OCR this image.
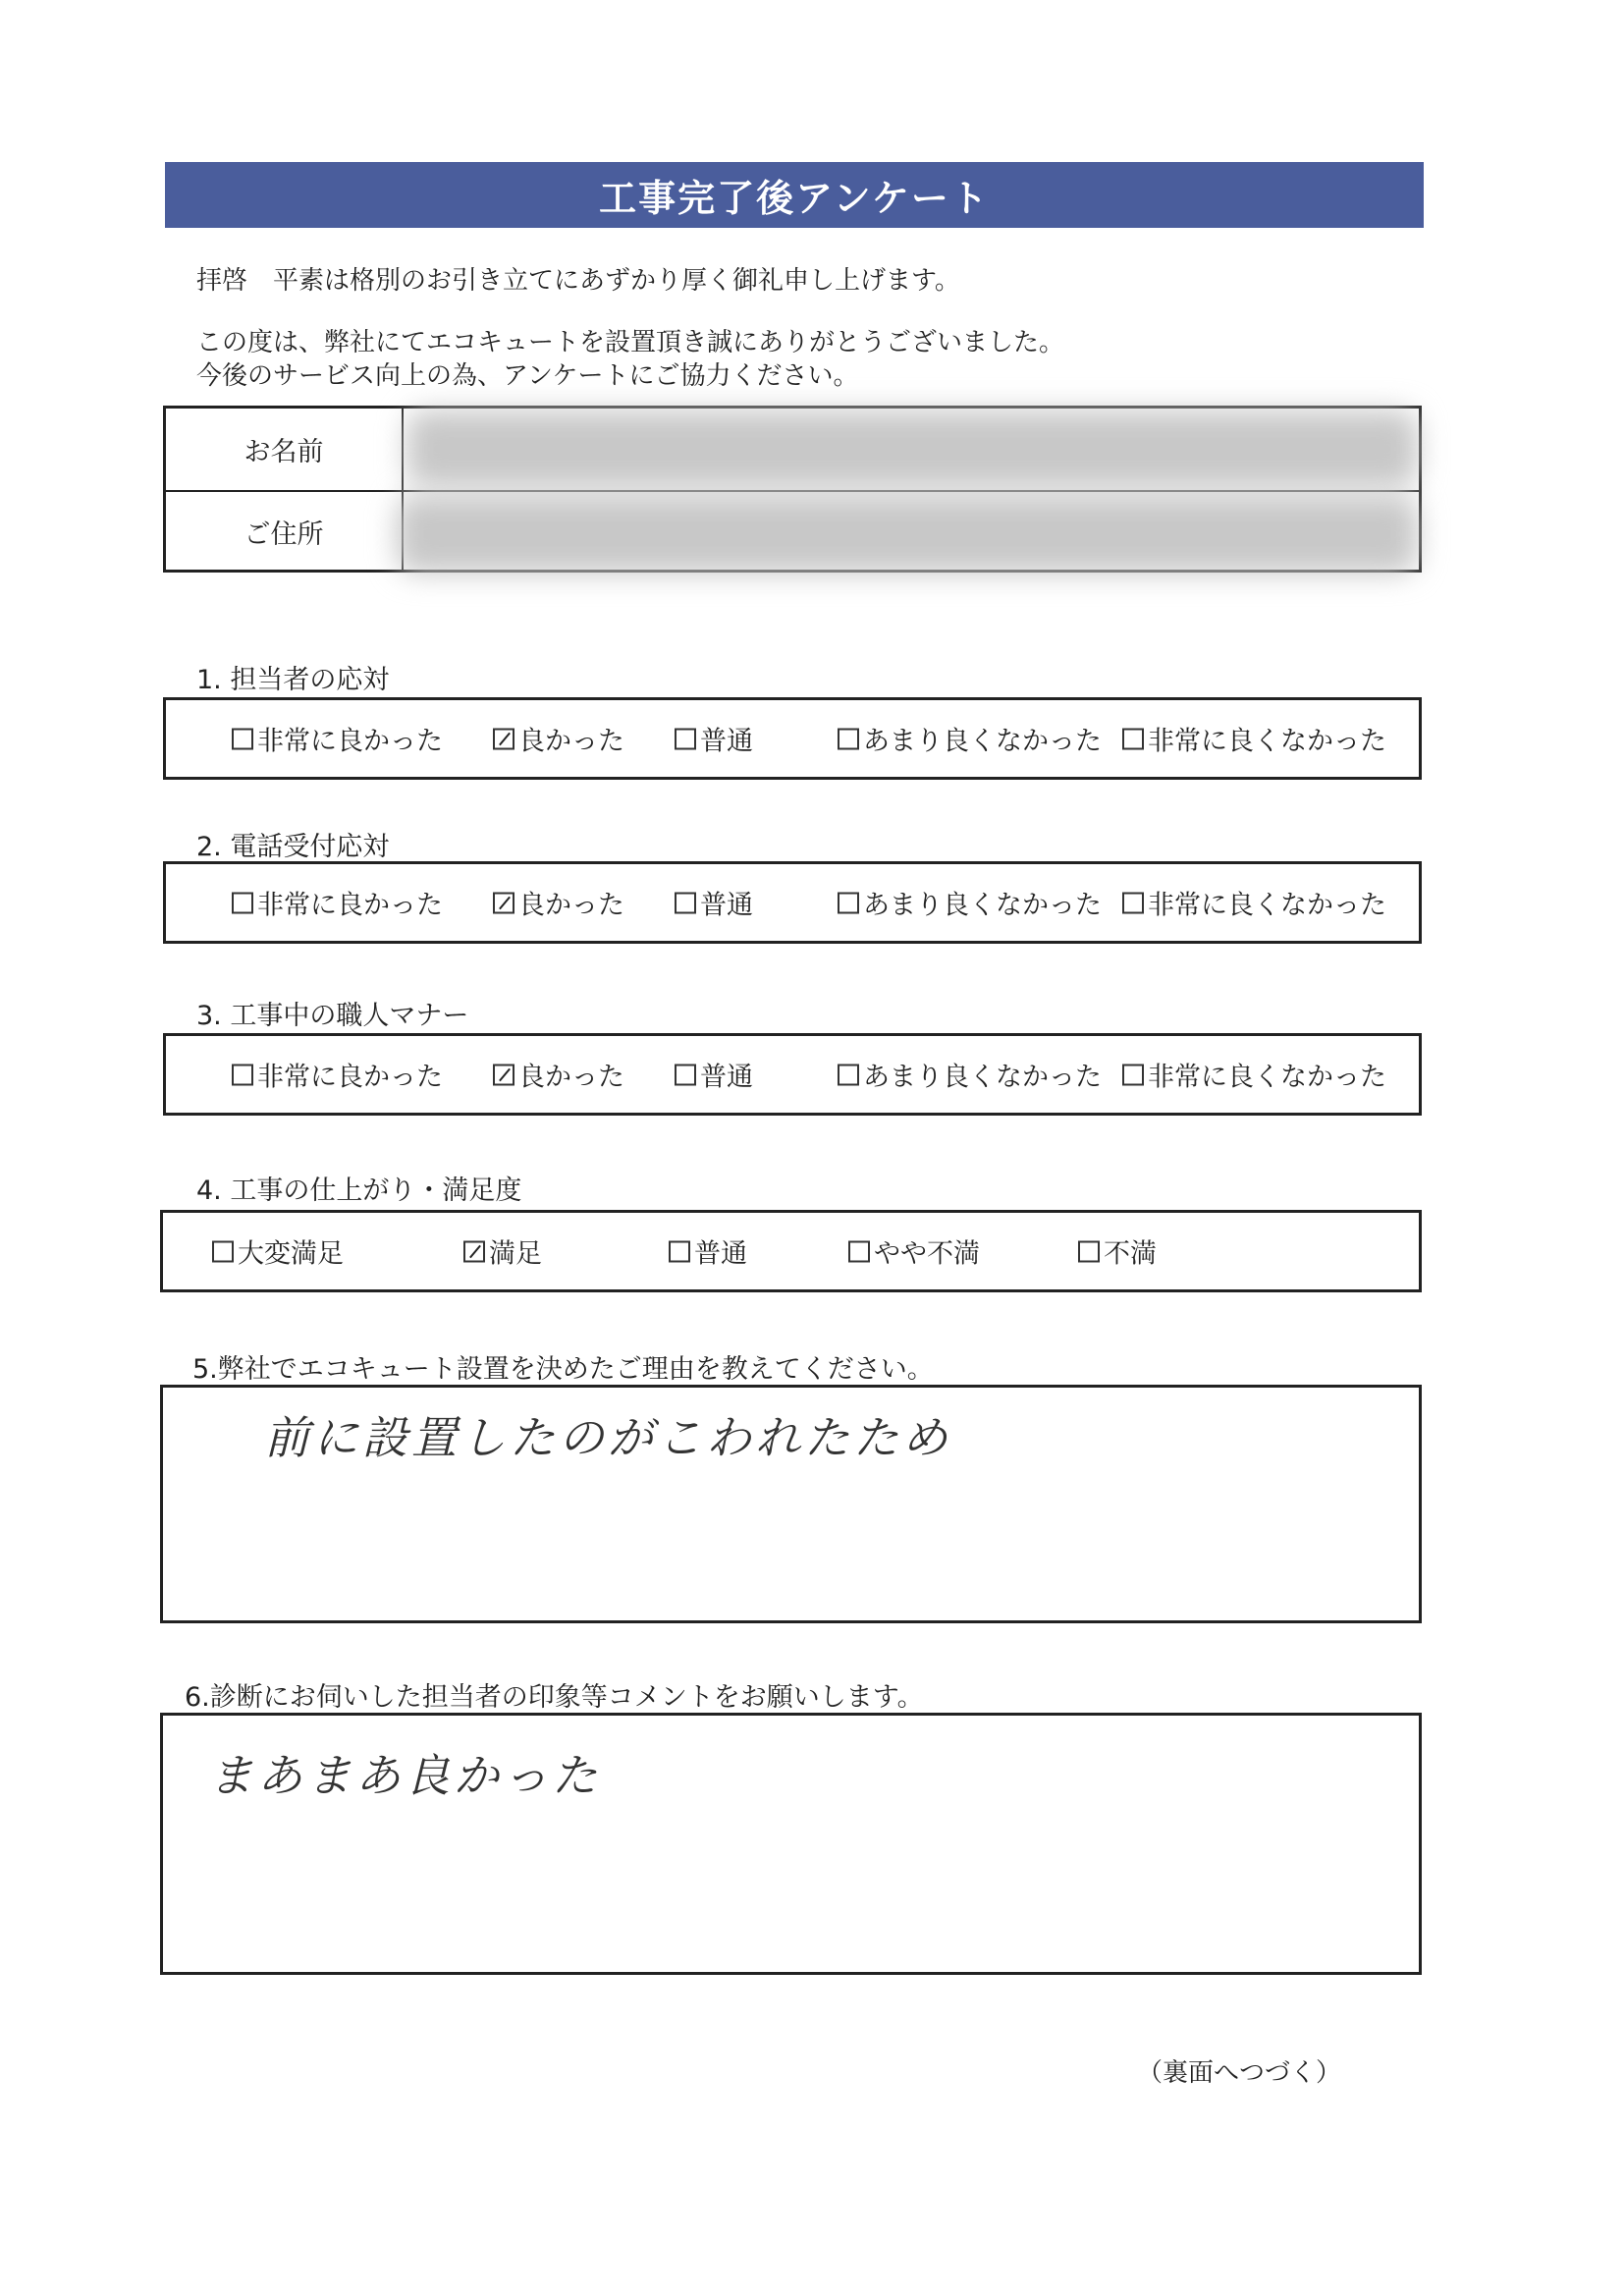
工事完了後アンケート
拝啓　平素は格別のお引き立てにあずかり厚く御礼申し上げます。
この度は、弊社にてエコキュートを設置頂き誠にありがとうございました。
今後のサービス向上の為、アンケートにご協力ください。
お名前
ご住所
1. 担当者の応対
非常に良かった	良かった	普通	あまり良くなかった 非常に良くなかった
2. 電話受付応対
非常に良かった	良かった	普通	あまり良くなかった 非常に良くなかった
3. 工事中の職人マナー
非常に良かった	良かった	普通	あまり良くなかった 非常に良くなかった
4. 工事の仕上がり・満足度
大変満足	満足	普通	やや不満	不満
5.弊社でエコキュート設置を決めたご理由を教えてください。
前に設置したのがこわれたため
6.診断にお伺いした担当者の印象等コメントをお願いします。
まあまあ良かった
（裏面へつづく）
